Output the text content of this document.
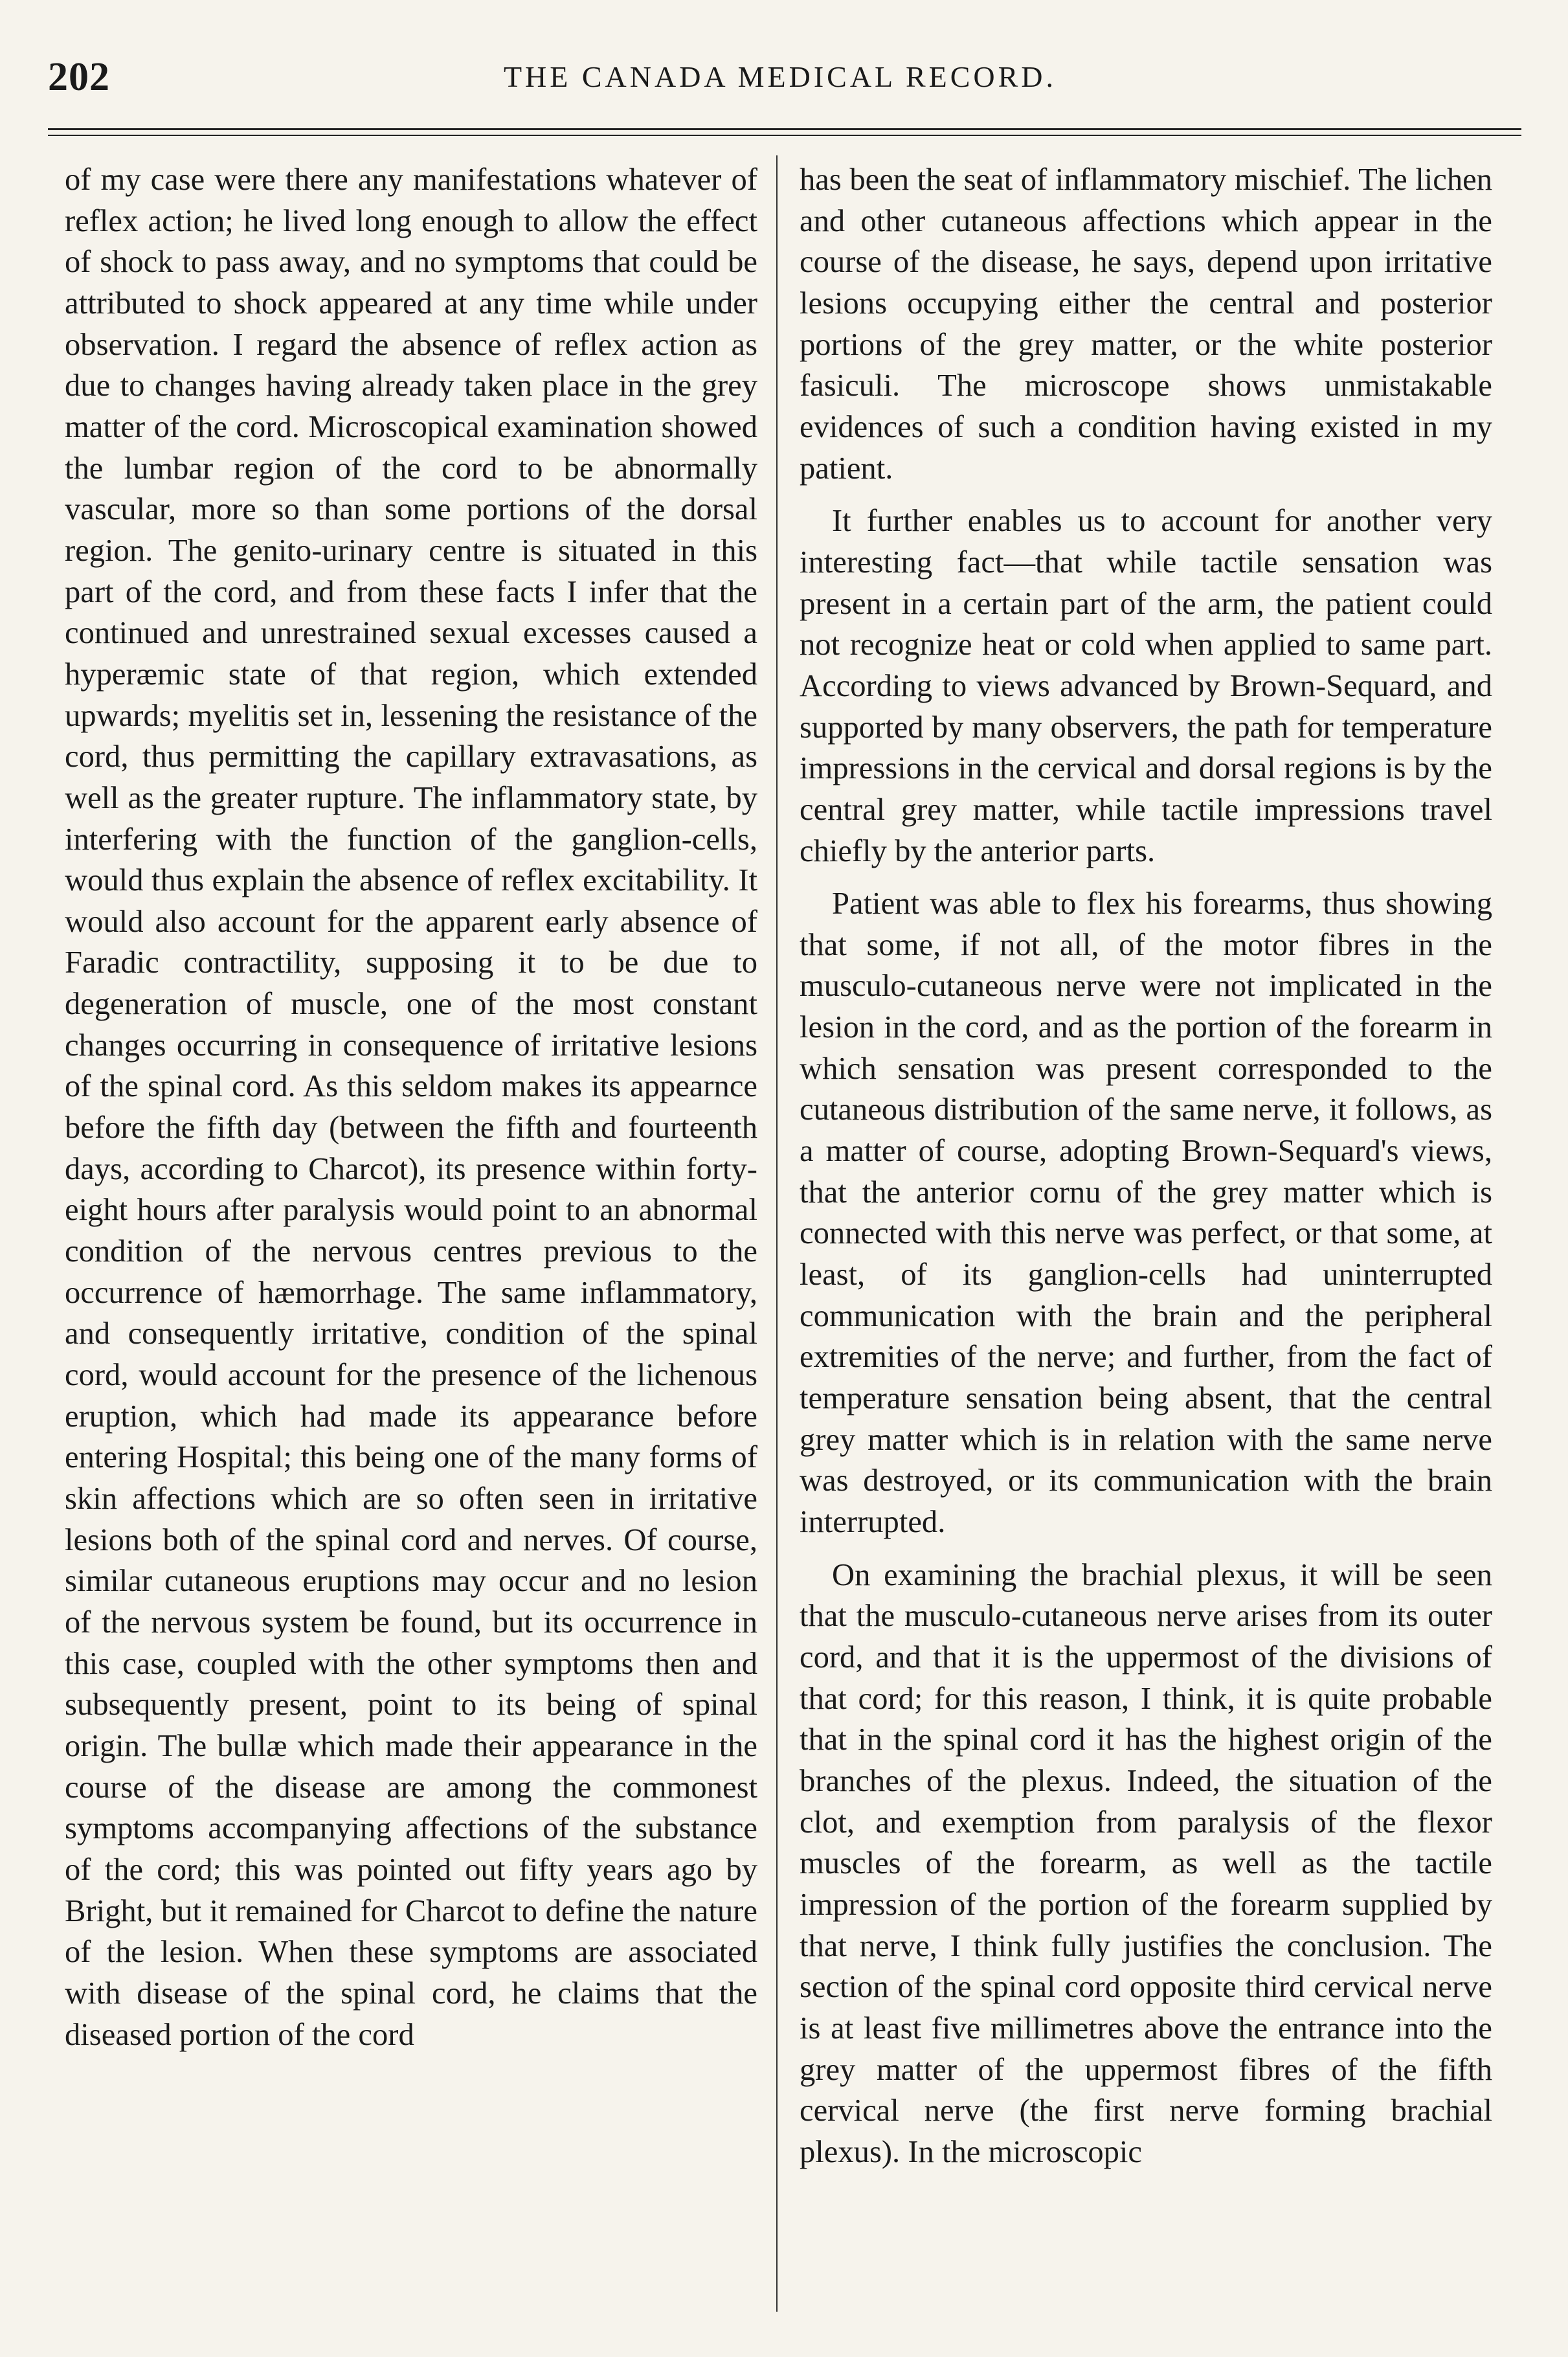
202	THE CANADA MEDICAL RECORD.

of my case were there any manifestations whatever of reflex action; he lived long enough to allow the effect of shock to pass away, and no symptoms that could be attributed to shock appeared at any time while under observation. I regard the absence of reflex action as due to changes having already taken place in the grey matter of the cord. Microscopical examination showed the lumbar region of the cord to be abnormally vascular, more so than some portions of the dorsal region. The genito-urinary centre is situated in this part of the cord, and from these facts I infer that the continued and unrestrained sexual excesses caused a hyperæmic state of that region, which extended upwards; myelitis set in, lessening the resistance of the cord, thus permitting the capillary extravasations, as well as the greater rupture. The inflammatory state, by interfering with the function of the ganglion-cells, would thus explain the absence of reflex excitability. It would also account for the apparent early absence of Faradic contractility, supposing it to be due to degeneration of muscle, one of the most constant changes occurring in consequence of irritative lesions of the spinal cord. As this seldom makes its appearnce before the fifth day (between the fifth and fourteenth days, according to Charcot), its presence within forty-eight hours after paralysis would point to an abnormal condition of the nervous centres previous to the occurrence of hæmorrhage. The same inflammatory, and consequently irritative, condition of the spinal cord, would account for the presence of the lichenous eruption, which had made its appearance before entering Hospital; this being one of the many forms of skin affections which are so often seen in irritative lesions both of the spinal cord and nerves. Of course, similar cutaneous eruptions may occur and no lesion of the nervous system be found, but its occurrence in this case, coupled with the other symptoms then and subsequently present, point to its being of spinal origin. The bullæ which made their appearance in the course of the disease are among the commonest symptoms accompanying affections of the substance of the cord; this was pointed out fifty years ago by Bright, but it remained for Charcot to define the nature of the lesion. When these symptoms are associated with disease of the spinal cord, he claims that the diseased portion of the cord

has been the seat of inflammatory mischief. The lichen and other cutaneous affections which appear in the course of the disease, he says, depend upon irritative lesions occupying either the central and posterior portions of the grey matter, or the white posterior fasiculi. The microscope shows unmistakable evidences of such a condition having existed in my patient.

It further enables us to account for another very interesting fact—that while tactile sensation was present in a certain part of the arm, the patient could not recognize heat or cold when applied to same part. According to views advanced by Brown-Sequard, and supported by many observers, the path for temperature impressions in the cervical and dorsal regions is by the central grey matter, while tactile impressions travel chiefly by the anterior parts.

Patient was able to flex his forearms, thus showing that some, if not all, of the motor fibres in the musculo-cutaneous nerve were not implicated in the lesion in the cord, and as the portion of the forearm in which sensation was present corresponded to the cutaneous distribution of the same nerve, it follows, as a matter of course, adopting Brown-Sequard's views, that the anterior cornu of the grey matter which is connected with this nerve was perfect, or that some, at least, of its ganglion-cells had uninterrupted communication with the brain and the peripheral extremities of the nerve; and further, from the fact of temperature sensation being absent, that the central grey matter which is in relation with the same nerve was destroyed, or its communication with the brain interrupted.

On examining the brachial plexus, it will be seen that the musculo-cutaneous nerve arises from its outer cord, and that it is the uppermost of the divisions of that cord; for this reason, I think, it is quite probable that in the spinal cord it has the highest origin of the branches of the plexus. Indeed, the situation of the clot, and exemption from paralysis of the flexor muscles of the forearm, as well as the tactile impression of the portion of the forearm supplied by that nerve, I think fully justifies the conclusion. The section of the spinal cord opposite third cervical nerve is at least five millimetres above the entrance into the grey matter of the uppermost fibres of the fifth cervical nerve (the first nerve forming brachial plexus). In the microscopic
